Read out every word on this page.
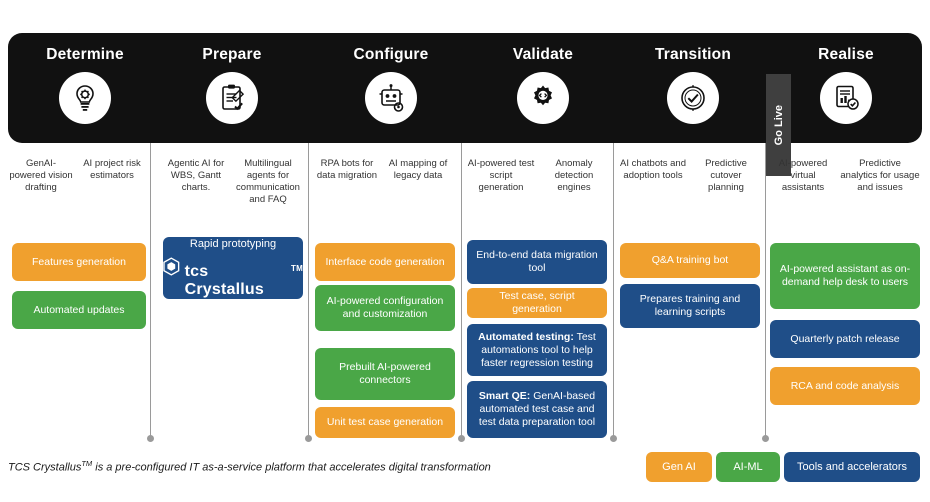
Determine	Prepare	Configure	Validate	Transition	Realise
Go Live
GenAI-powered vision drafting
AI project risk estimators
Agentic AI for WBS, Gantt charts.
Multilingual agents for communication and FAQ
RPA bots for data migration
AI mapping of legacy data
AI-powered test script generation
Anomaly detection engines
AI chatbots and adoption tools
Predictive cutover planning
AI-powered virtual assistants
Predictive analytics for usage and issues
Features generation
Automated updates
Rapid prototyping
tcs Crystallus
TM
Interface code generation
AI-powered configuration and customization
Prebuilt AI-powered connectors
Unit test case generation
End-to-end data migration tool
Test case, script generation
Automated testing: Test automations tool to help faster regression testing
Smart QE: GenAI-based automated test case and test data preparation tool
Q&A training bot
Prepares training and learning scripts
AI-powered assistant as on-demand help desk to users
Quarterly patch release
RCA and code analysis
TCS Crystallus™ is a pre-configured IT as-a-service platform that accelerates digital transformation	Gen AI	AI-ML	Tools and accelerators
